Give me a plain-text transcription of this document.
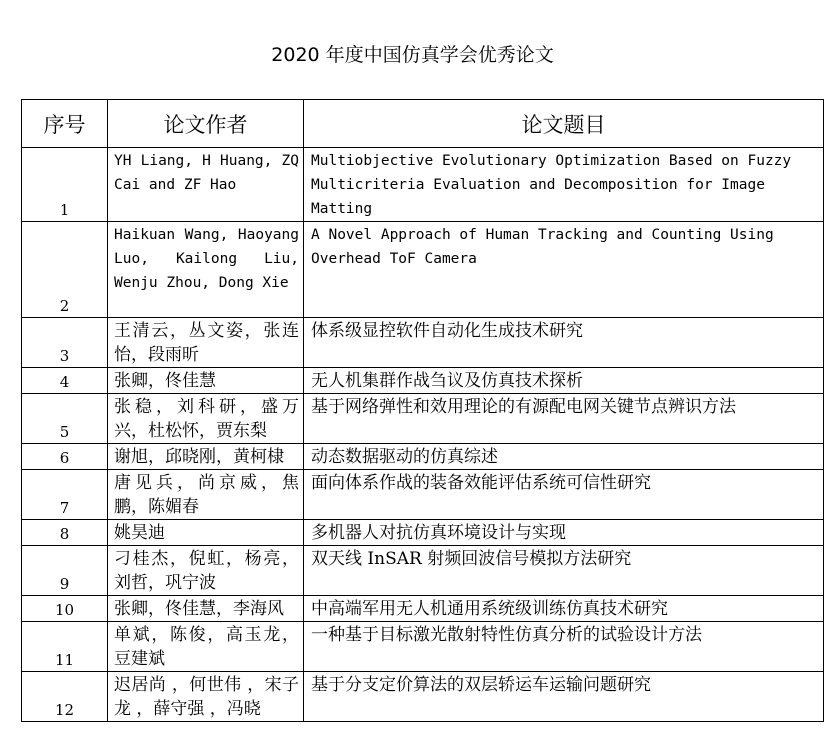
2020 年度中国仿真学会优秀论文
序号	论文作者	论文题目
1	YH Liang, H Huang, ZQ Cai and ZF Hao	Multiobjective Evolutionary Optimization Based on Fuzzy Multicriteria Evaluation and Decomposition for Image Matting
2	Haikuan Wang, Haoyang Luo, Kailong Liu, Wenju Zhou, Dong Xie	A Novel Approach of Human Tracking and Counting Using Overhead ToF Camera
3	王清云，丛文姿，张连怡，段雨昕	体系级显控软件自动化生成技术研究
4	张卿，佟佳慧	无人机集群作战刍议及仿真技术探析
5	张稳，刘科研，盛万兴，杜松怀，贾东梨	基于网络弹性和效用理论的有源配电网关键节点辨识方法
6	谢旭，邱晓刚，黄柯棣	动态数据驱动的仿真综述
7	唐见兵，尚京威，焦鹏，陈媚春	面向体系作战的装备效能评估系统可信性研究
8	姚昊迪	多机器人对抗仿真环境设计与实现
9	刁桂杰，倪虹，杨亮，刘哲，巩宁波	双天线 InSAR 射频回波信号模拟方法研究
10	张卿，佟佳慧，李海风	中高端军用无人机通用系统级训练仿真技术研究
11	单斌，陈俊，高玉龙，豆建斌	一种基于目标激光散射特性仿真分析的试验设计方法
12	迟居尚 ，何世伟 ，宋子龙 ，薛守强 ，冯晓	基于分支定价算法的双层轿运车运输问题研究
